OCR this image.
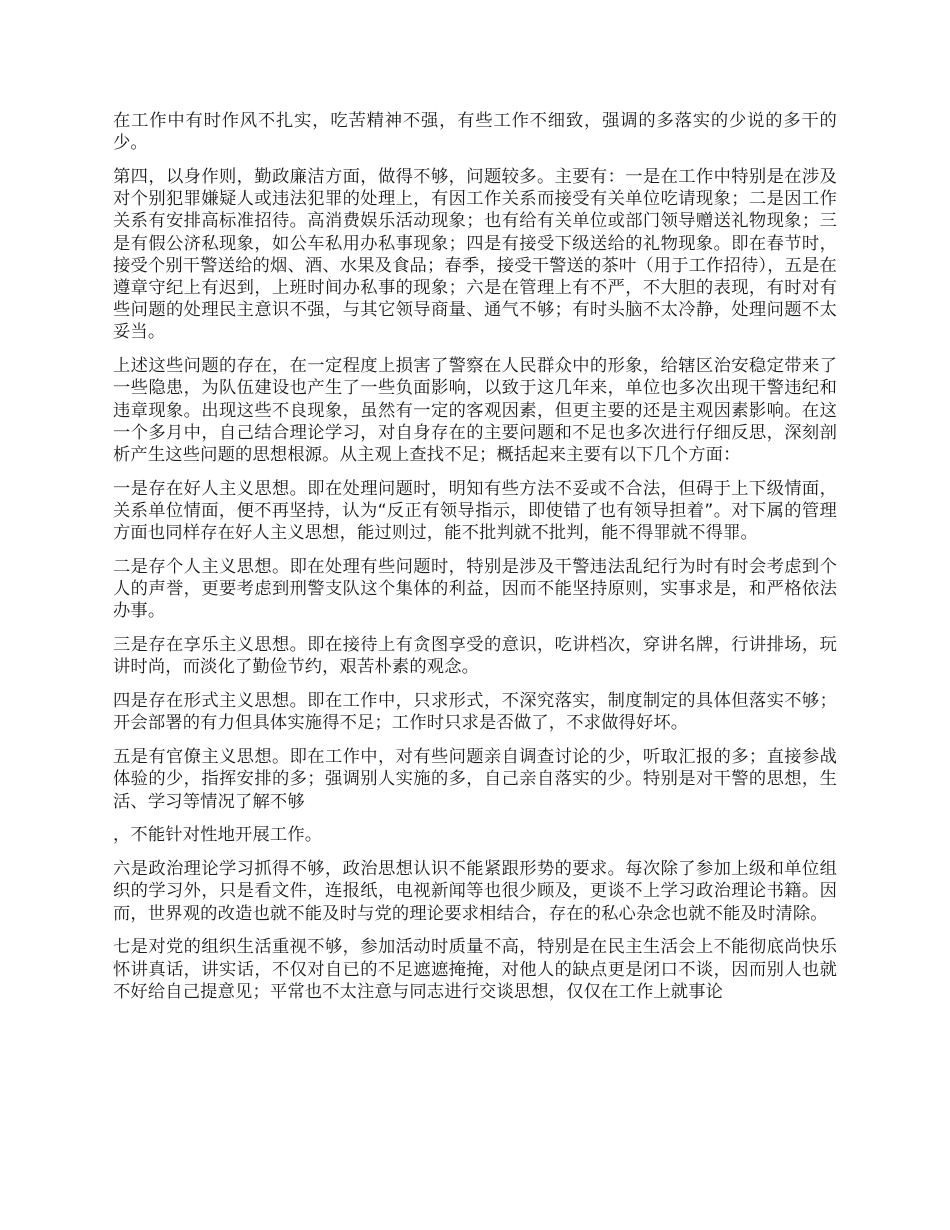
在工作中有时作风不扎实，吃苦精神不强，有些工作不细致，强调的多落实的少说的多干的少。

第四，以身作则，勤政廉洁方面，做得不够，问题较多。主要有：一是在工作中特别是在涉及对个别犯罪嫌疑人或违法犯罪的处理上，有因工作关系而接受有关单位吃请现象；二是因工作关系有安排高标准招待。高消费娱乐活动现象；也有给有关单位或部门领导赠送礼物现象；三是有假公济私现象，如公车私用办私事现象；四是有接受下级送给的礼物现象。即在春节时，接受个别干警送给的烟、酒、水果及食品；春季，接受干警送的茶叶（用于工作招待），五是在遵章守纪上有迟到，上班时间办私事的现象；六是在管理上有不严，不大胆的表现，有时对有些问题的处理民主意识不强，与其它领导商量、通气不够；有时头脑不太冷静，处理问题不太妥当。

上述这些问题的存在，在一定程度上损害了警察在人民群众中的形象，给辖区治安稳定带来了一些隐患，为队伍建设也产生了一些负面影响，以致于这几年来，单位也多次出现干警违纪和违章现象。出现这些不良现象，虽然有一定的客观因素，但更主要的还是主观因素影响。在这一个多月中，自己结合理论学习，对自身存在的主要问题和不足也多次进行仔细反思，深刻剖析产生这些问题的思想根源。从主观上查找不足；概括起来主要有以下几个方面：

一是存在好人主义思想。即在处理问题时，明知有些方法不妥或不合法，但碍于上下级情面，关系单位情面，便不再坚持，认为“反正有领导指示，即使错了也有领导担着”。对下属的管理方面也同样存在好人主义思想，能过则过，能不批判就不批判，能不得罪就不得罪。

二是存个人主义思想。即在处理有些问题时，特别是涉及干警违法乱纪行为时有时会考虑到个人的声誉，更要考虑到刑警支队这个集体的利益，因而不能坚持原则，实事求是，和严格依法办事。

三是存在享乐主义思想。即在接待上有贪图享受的意识，吃讲档次，穿讲名牌，行讲排场，玩讲时尚，而淡化了勤俭节约，艰苦朴素的观念。

四是存在形式主义思想。即在工作中，只求形式，不深究落实，制度制定的具体但落实不够；开会部署的有力但具体实施得不足；工作时只求是否做了，不求做得好坏。

五是有官僚主义思想。即在工作中，对有些问题亲自调查讨论的少，听取汇报的多；直接参战体验的少，指挥安排的多；强调别人实施的多，自己亲自落实的少。特别是对干警的思想，生活、学习等情况了解不够

，不能针对性地开展工作。

六是政治理论学习抓得不够，政治思想认识不能紧跟形势的要求。每次除了参加上级和单位组织的学习外，只是看文件，连报纸，电视新闻等也很少顾及，更谈不上学习政治理论书籍。因而，世界观的改造也就不能及时与党的理论要求相结合，存在的私心杂念也就不能及时清除。

七是对党的组织生活重视不够，参加活动时质量不高，特别是在民主生活会上不能彻底尚快乐怀讲真话，讲实话，不仅对自已的不足遮遮掩掩，对他人的缺点更是闭口不谈，因而别人也就不好给自己提意见；平常也不太注意与同志进行交谈思想，仅仅在工作上就事论
